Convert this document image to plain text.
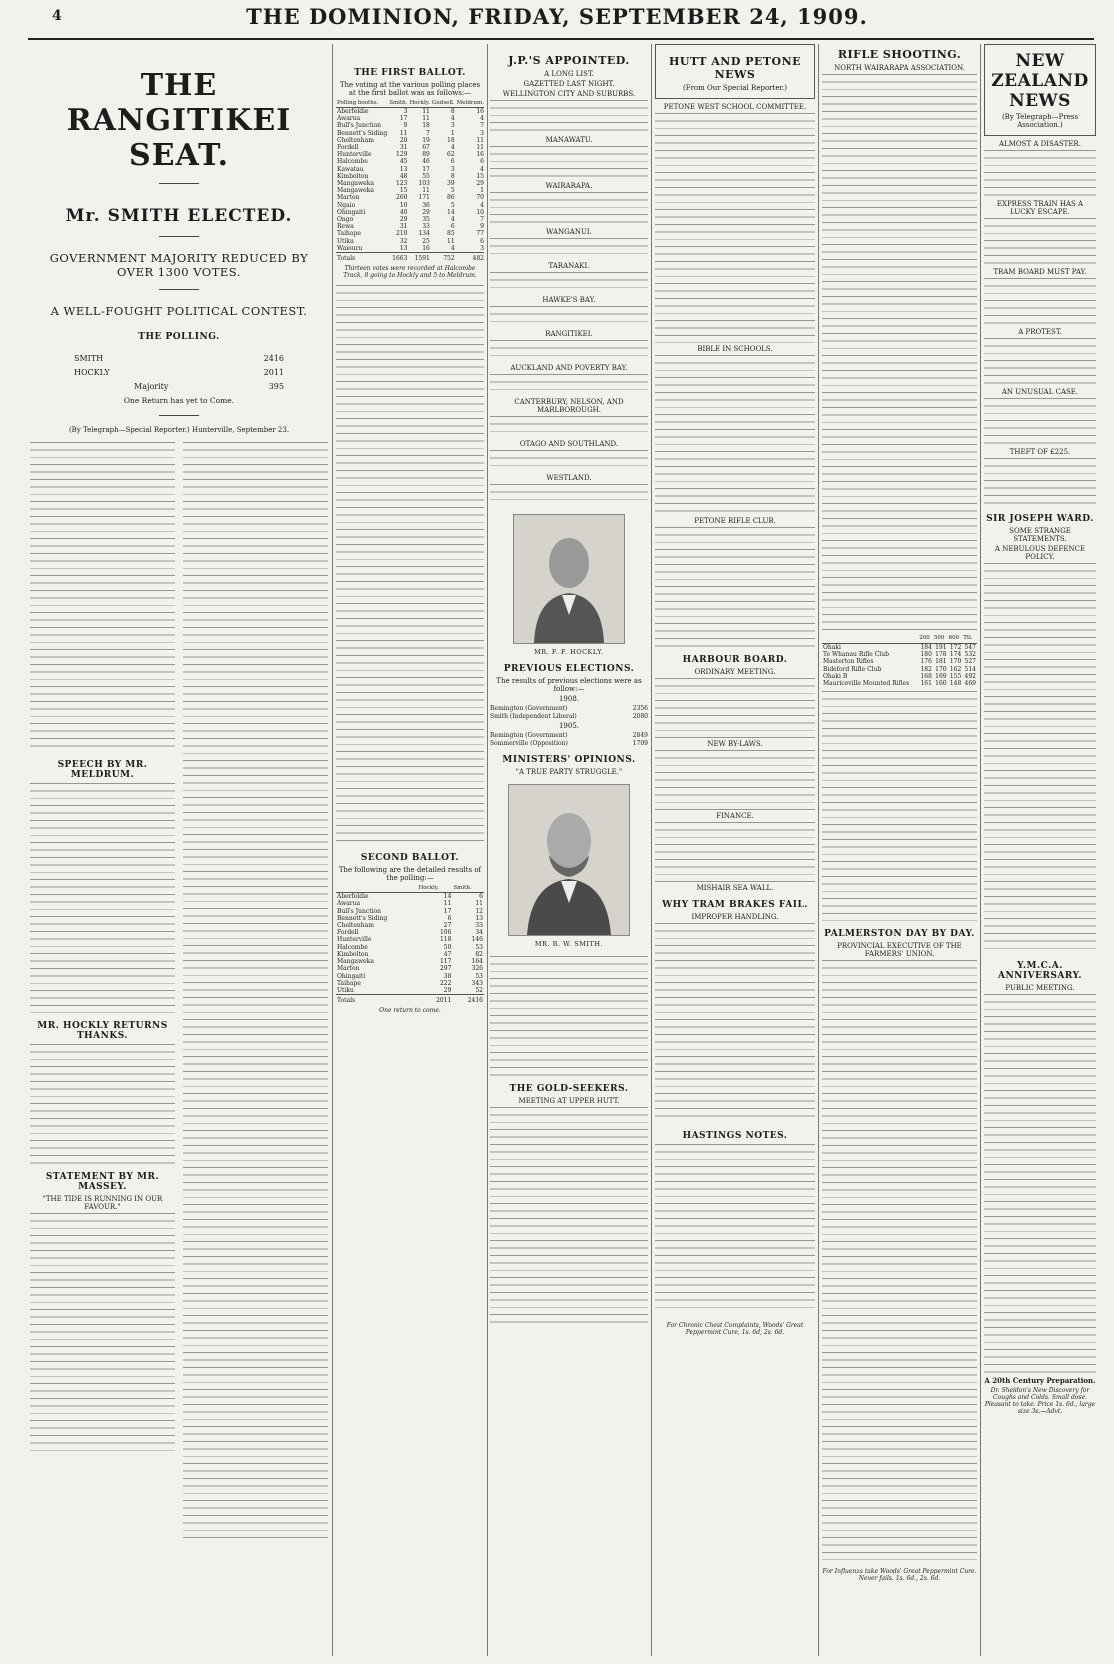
4	THE DOMINION, FRIDAY, SEPTEMBER 24, 1909.
THE RANGITIKEI SEAT.
Mr. SMITH ELECTED.
GOVERNMENT MAJORITY REDUCED BY OVER 1300 VOTES.
A WELL-FOUGHT POLITICAL CONTEST.
THE POLLING.
SMITH	2416
HOCKLY	2011
Majority	395
One Return has yet to Come.
(By Telegraph—Special Reporter.) Hunterville, September 23.
SPEECH BY MR. MELDRUM.
MR. HOCKLY RETURNS THANKS.
STATEMENT BY MR. MASSEY.
"THE TIDE IS RUNNING IN OUR FAVOUR."
THE FIRST BALLOT.
The voting at the various polling places at the first ballot was as follows:—
Polling booths.	Smith.	Hockly.	Gudsell.	Meldrum.
Aberfeldie	3	11	8	16
Awarua	17	11	4	4
Bull's Junction	9	18	3	7
Bennett's Siding	11	7	1	3
Cheltenham	20	19	18	11
Fordell	31	67	4	11
Hunterville	129	89	62	16
Halcombe	45	46	6	6
Kawatau	13	17	3	4
Kimbolton	48	55	8	15
Mangaweka	123	103	39	29
Mangaweka	15	11	5	1
Marton	260	171	86	70
Ngaio	10	36	5	4
Ohingaiti	40	29	14	10
Ongo	29	35	4	7
Rewa	31	33	6	9
Taihape	210	134	85	77
Utiku	32	25	11	6
Waiouru	13	16	4	3
Totals	1663	1591	752	482
Thirteen votes were recorded at Halcombe Track, 8 going to Hockly and 5 to Meldrum.
SECOND BALLOT.
The following are the detailed results of the polling:—
	Hockly.	Smith.
Aberfeldie	14	6
Awarua	11	11
Bull's Junction	17	12
Bennett's Siding	6	13
Cheltenham	27	33
Fordell	106	34
Hunterville	118	146
Halcombe	50	53
Kimbolton	47	82
Mangaweka	117	164
Marton	297	326
Ohingaiti	38	53
Taihape	222	343
Utiku	29	52
Totals	2011	2416
One return to come.
J.P.'S APPOINTED.
A LONG LIST.
GAZETTED LAST NIGHT.
WELLINGTON CITY AND SUBURBS.
MANAWATU.
WAIRARAPA.
WANGANUI.
TARANAKI.
HAWKE'S BAY.
RANGITIKEI.
AUCKLAND AND POVERTY BAY.
CANTERBURY, NELSON, AND MARLBOROUGH.
OTAGO AND SOUTHLAND.
WESTLAND.
MR. F. F. HOCKLY.
PREVIOUS ELECTIONS.
The results of previous elections were as follow:—
1908.
Remington (Government)	2356
Smith (Independent Liberal)	2080
1905.
Remington (Government)	2849
Sommerville (Opposition)	1709
MINISTERS' OPINIONS.
"A TRUE PARTY STRUGGLE."
MR. R. W. SMITH.
THE GOLD-SEEKERS.
MEETING AT UPPER HUTT.
HUTT AND PETONE NEWS
(From Our Special Reporter.)
PETONE WEST SCHOOL COMMITTEE.
BIBLE IN SCHOOLS.
PETONE RIFLE CLUB.
HARBOUR BOARD.
ORDINARY MEETING.
NEW BY-LAWS.
FINANCE.
MISHAIR SEA WALL.
WHY TRAM BRAKES FAIL.
IMPROPER HANDLING.
HASTINGS NOTES.
For Chronic Chest Complaints, Woods' Great Peppermint Cure, 1s. 6d, 2s. 6d.
RIFLE SHOOTING.
NORTH WAIRARAPA ASSOCIATION.
	200	500	600	Ttl.
Ohaki	184	191	172	547
Te Whanau Rifle Club	180	178	174	532
Masterton Rifles	176	181	170	527
Bideford Rifle Club	182	170	162	514
Ohaki B	168	169	155	492
Mauriceville Mounted Rifles	161	160	148	469
PALMERSTON DAY BY DAY.
PROVINCIAL EXECUTIVE OF THE FARMERS' UNION.
For Influenza take Woods' Great Peppermint Cure. Never fails. 1s. 6d., 2s. 6d.
NEW ZEALAND NEWS
(By Telegraph—Press Association.)
ALMOST A DISASTER.
EXPRESS TRAIN HAS A LUCKY ESCAPE.
TRAM BOARD MUST PAY.
A PROTEST.
AN UNUSUAL CASE.
THEFT OF £225.
SIR JOSEPH WARD.
SOME STRANGE STATEMENTS.
A NEBULOUS DEFENCE POLICY.
Y.M.C.A. ANNIVERSARY.
PUBLIC MEETING.
A 20th Century Preparation.
Dr. Sheldon's New Discovery for Coughs and Colds. Small dose. Pleasant to take. Price 1s. 6d., large size 3s.—Advt.
